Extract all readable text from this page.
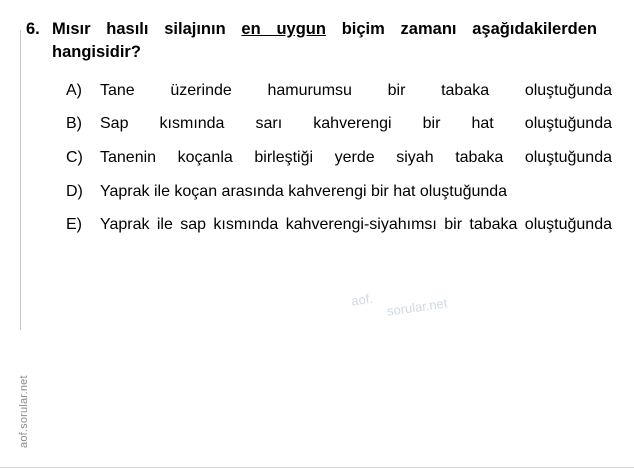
aof.sorular.net
6. Mısır hasılı silajının en uygun biçim zamanı aşağıdakilerden hangisidir?
A)	Tane üzerinde hamurumsu bir tabaka oluştuğunda
B)	Sap kısmında sarı kahverengi bir hat oluştuğunda
C)	Tanenin koçanla birleştiği yerde siyah tabaka oluştuğunda
D)	Yaprak ile koçan arasında kahverengi bir hat oluştuğunda
E)	Yaprak ile sap kısmında kahverengi-siyahımsı bir tabaka oluştuğunda
aof. sorular.net
